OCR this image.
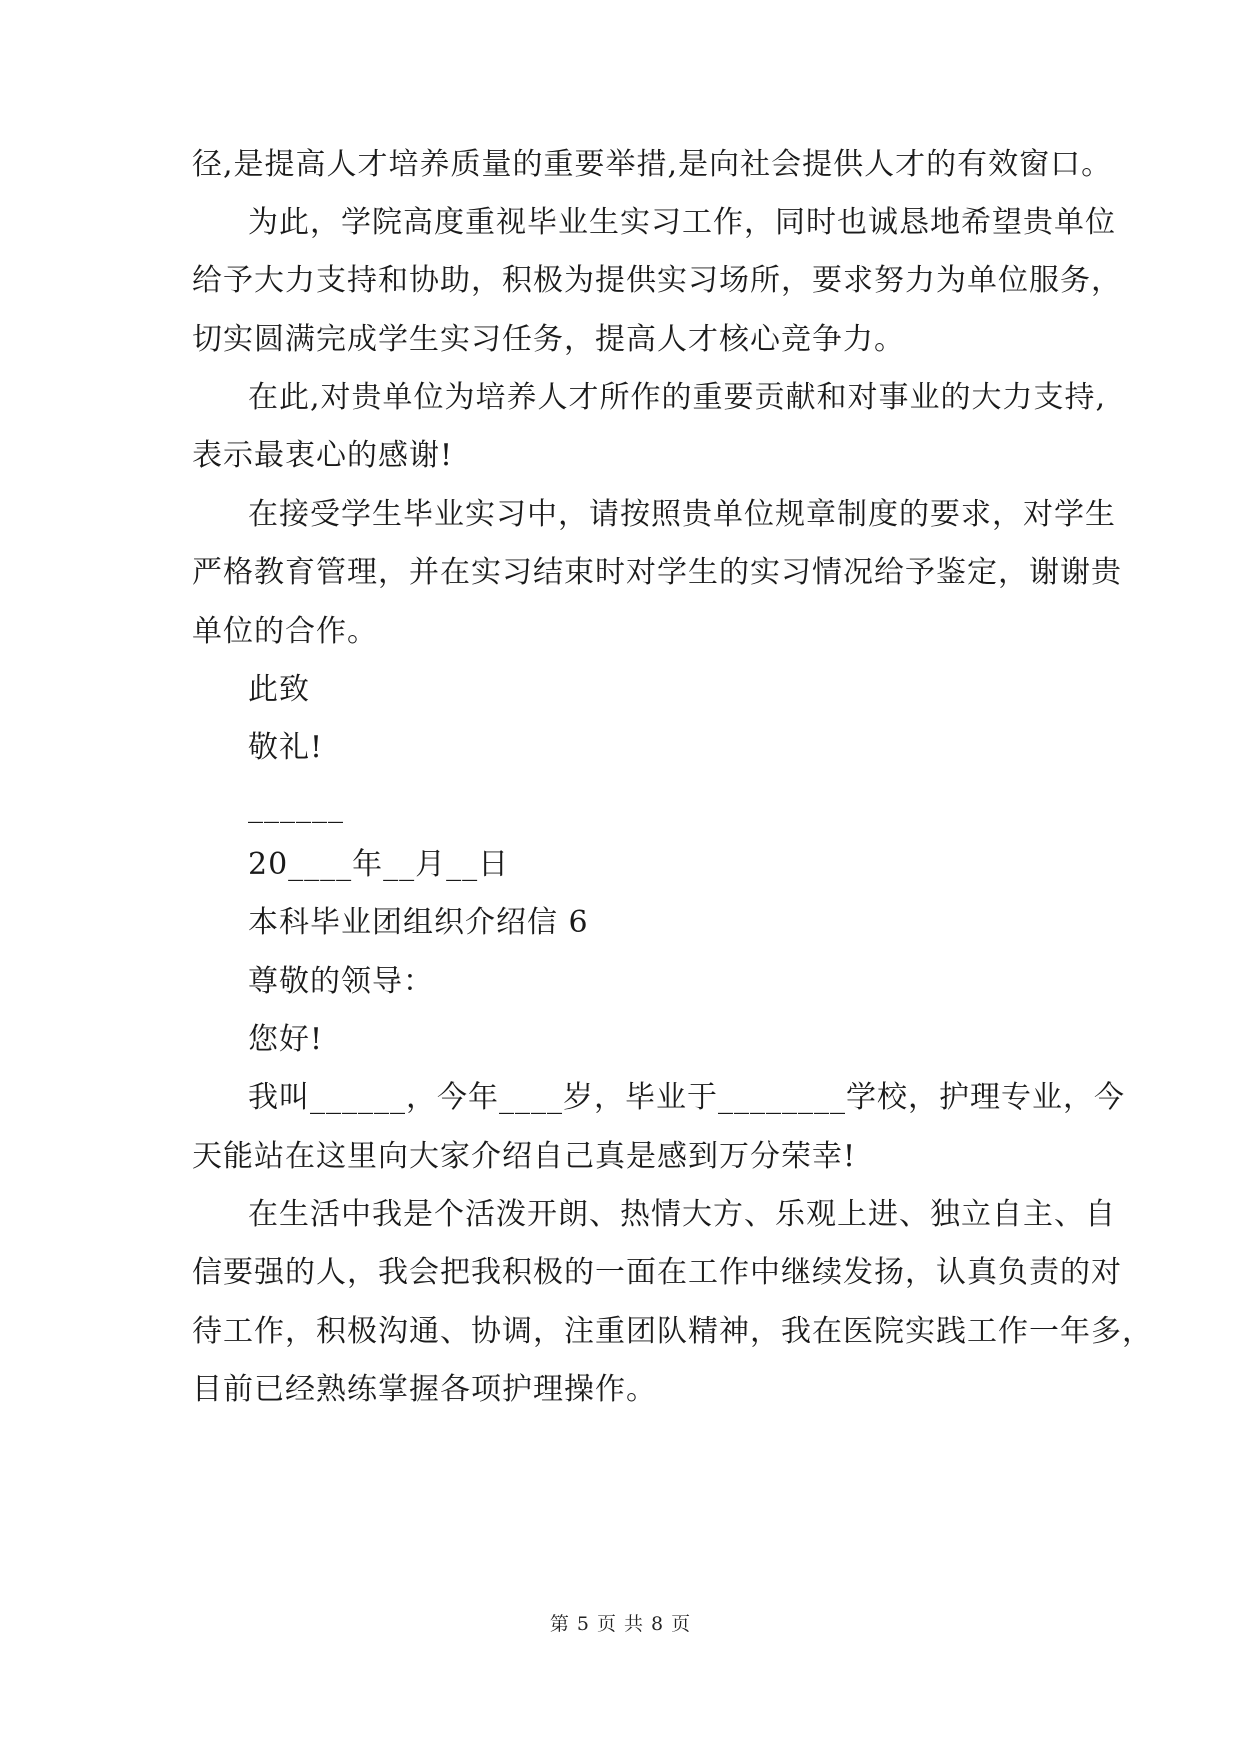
径,是提高人才培养质量的重要举措,是向社会提供人才的有效窗口。
为此，学院高度重视毕业生实习工作，同时也诚恳地希望贵单位
给予大力支持和协助，积极为提供实习场所，要求努力为单位服务，
切实圆满完成学生实习任务，提高人才核心竞争力。
在此,对贵单位为培养人才所作的重要贡献和对事业的大力支持,
表示最衷心的感谢!
在接受学生毕业实习中，请按照贵单位规章制度的要求，对学生
严格教育管理，并在实习结束时对学生的实习情况给予鉴定，谢谢贵
单位的合作。
此致
敬礼!
______
20____年__月__日
本科毕业团组织介绍信 6
尊敬的领导：
您好!
我叫______，今年____岁，毕业于________学校，护理专业，今
天能站在这里向大家介绍自己真是感到万分荣幸!
在生活中我是个活泼开朗、热情大方、乐观上进、独立自主、自
信要强的人，我会把我积极的一面在工作中继续发扬，认真负责的对
待工作，积极沟通、协调，注重团队精神，我在医院实践工作一年多，
目前已经熟练掌握各项护理操作。
第 5 页 共 8 页
